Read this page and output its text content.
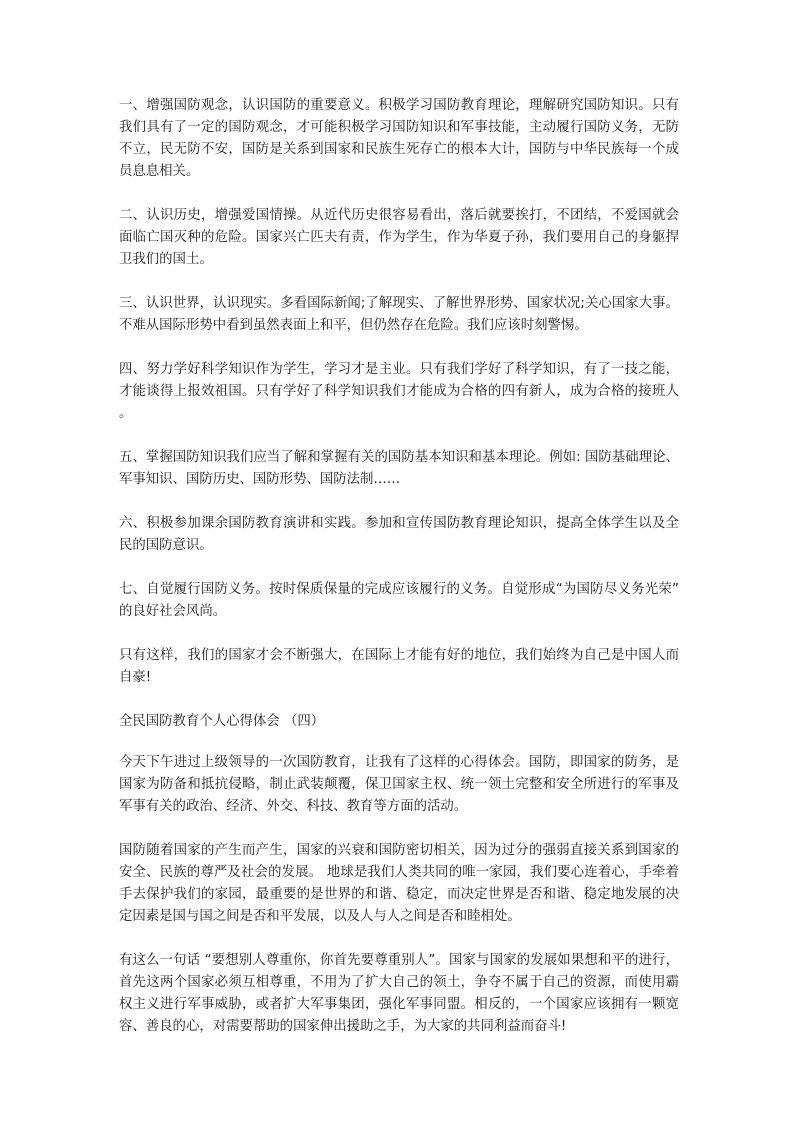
一、增强国防观念，认识国防的重要意义。积极学习国防教育理论，理解研究国防知识。只有我们具有了一定的国防观念，才可能积极学习国防知识和军事技能，主动履行国防义务，无防不立，民无防不安，国防是关系到国家和民族生死存亡的根本大计，国防与中华民族每一个成员息息相关。

二、认识历史，增强爱国情操。从近代历史很容易看出，落后就要挨打，不团结，不爱国就会面临亡国灭种的危险。国家兴亡匹夫有责，作为学生，作为华夏子孙，我们要用自己的身躯捍卫我们的国土。

三、认识世界，认识现实。多看国际新闻;了解现实、了解世界形势、国家状况;关心国家大事。不难从国际形势中看到虽然表面上和平，但仍然存在危险。我们应该时刻警惕。

四、努力学好科学知识作为学生，学习才是主业。只有我们学好了科学知识，有了一技之能，才能谈得上报效祖国。只有学好了科学知识我们才能成为合格的四有新人，成为合格的接班人。

五、掌握国防知识我们应当了解和掌握有关的国防基本知识和基本理论。例如: 国防基础理论、军事知识、国防历史、国防形势、国防法制……

六、积极参加课余国防教育演讲和实践。参加和宣传国防教育理论知识，提高全体学生以及全民的国防意识。

七、自觉履行国防义务。按时保质保量的完成应该履行的义务。自觉形成“为国防尽义务光荣”的良好社会风尚。

只有这样，我们的国家才会不断强大，在国际上才能有好的地位，我们始终为自己是中国人而自豪!

全民国防教育个人心得体会 （四）

今天下午进过上级领导的一次国防教育，让我有了这样的心得体会。国防，即国家的防务，是国家为防备和抵抗侵略，制止武装颠覆，保卫国家主权、统一领土完整和安全所进行的军事及军事有关的政治、经济、外交、科技、教育等方面的活动。

国防随着国家的产生而产生，国家的兴衰和国防密切相关，因为过分的强弱直接关系到国家的安全、民族的尊严及社会的发展。 地球是我们人类共同的唯一家园，我们要心连着心，手牵着手去保护我们的家园，最重要的是世界的和谐、稳定，而决定世界是否和谐、稳定地发展的决定因素是国与国之间是否和平发展，以及人与人之间是否和睦相处。

有这么一句话 “要想别人尊重你，你首先要尊重别人”。国家与国家的发展如果想和平的进行，首先这两个国家必须互相尊重，不用为了扩大自己的领土，争夺不属于自己的资源，而使用霸权主义进行军事威胁，或者扩大军事集团，强化军事同盟。相反的，一个国家应该拥有一颗宽容、善良的心，对需要帮助的国家伸出援助之手，为大家的共同利益而奋斗!
